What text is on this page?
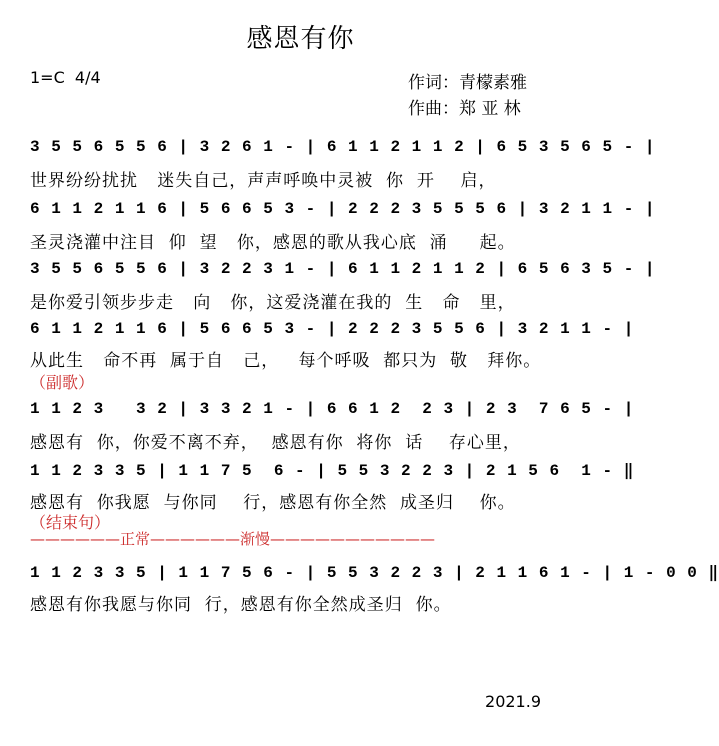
感恩有你
1=C  4/4	作词：青檬素雅
作曲：郑 亚 林
3 5 5 6 5 5 6 | 3 2 6 1 - | 6 1 1 2 1 1 2 | 6 5 3 5 6 5 - |
世界纷纷扰扰   迷失自己，声声呼唤中灵被  你  开    启，
6 1 1 2 1 1 6 | 5 6 6 5 3 - | 2 2 2 3 5 5 5 6 | 3 2 1 1 - |
圣灵浇灌中注目  仰  望   你，感恩的歌从我心底  涌     起。
3 5 5 6 5 5 6 | 3 2 2 3 1 - | 6 1 1 2 1 1 2 | 6 5 6 3 5 - |
是你爱引领步步走   向   你，这爱浇灌在我的  生   命   里，
6 1 1 2 1 1 6 | 5 6 6 5 3 - | 2 2 2 3 5 5 6 | 3 2 1 1 - |
从此生   命不再  属于自   己，   每个呼吸  都只为  敬   拜你。
（副歌）
1 1 2 3   3 2 | 3 3 2 1 - | 6 6 1 2  2 3 | 2 3  7 6 5 - |
感恩有  你，你爱不离不弃，  感恩有你  将你  话    存心里，
1 1 2 3 3 5 | 1 1 7 5  6 - | 5 5 3 2 2 3 | 2 1 5 6  1 - ‖
感恩有  你我愿  与你同    行，感恩有你全然  成圣归    你。
（结束句）
——————正常——————渐慢———————————
1 1 2 3 3 5 | 1 1 7 5 6 - | 5 5 3 2 2 3 | 2 1 1 6 1 - | 1 - 0 0 ‖
感恩有你我愿与你同  行，感恩有你全然成圣归  你。
2021.9
